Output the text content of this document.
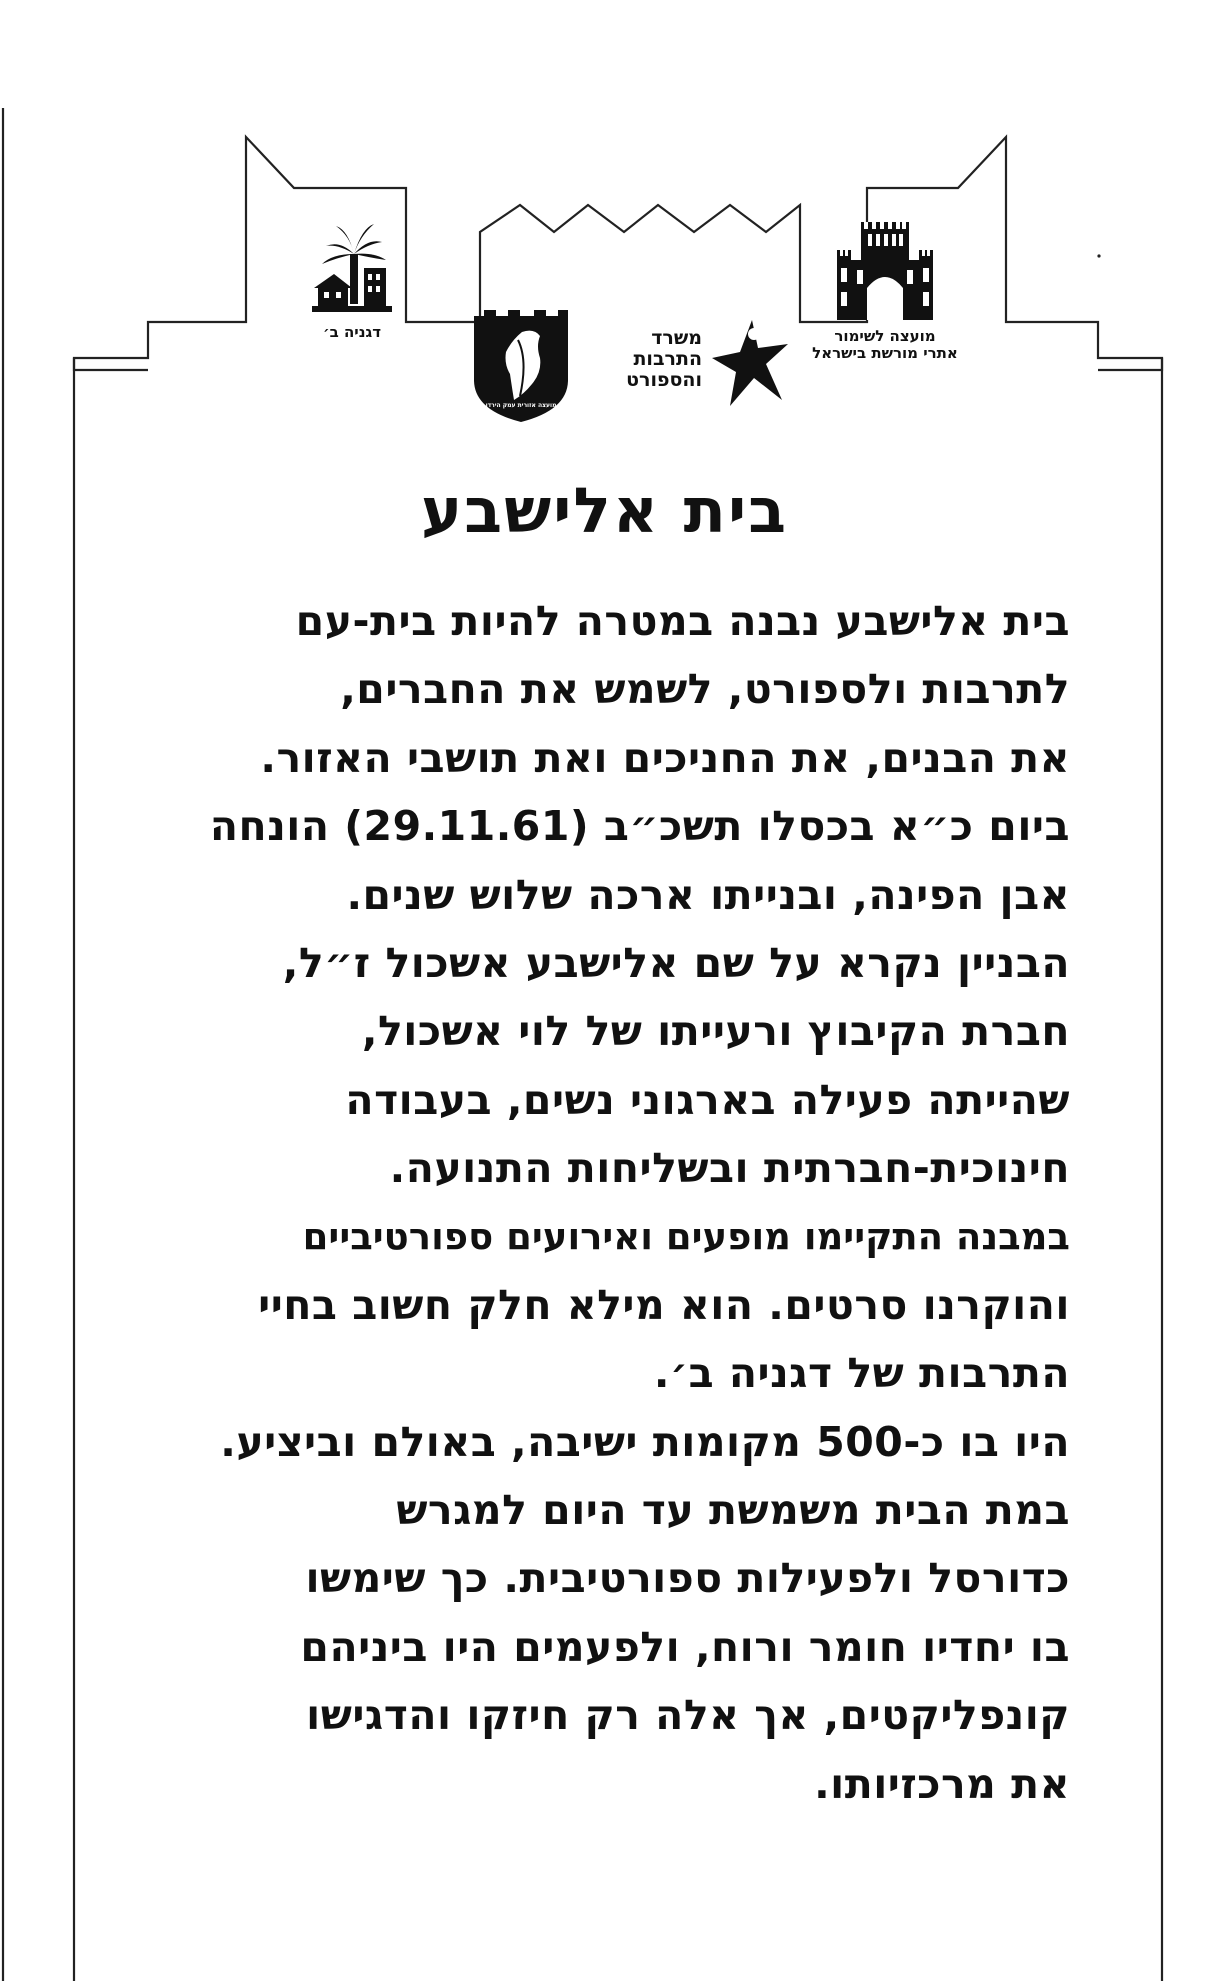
מועצה לשימור
אתרי מורשת בישראל
משרד
התרבות
והספורט
מועצה אזורית עמק הירדן
דגניה ב׳
בית אלישבע
בית אלישבע נבנה במטרה להיות בית-עם
לתרבות ולספורט, לשמש את החברים,
את הבנים, את החניכים ואת תושבי האזור.
ביום כ״א בכסלו תשכ״ב (29.11.61) הונחה
אבן הפינה, ובנייתו ארכה שלוש שנים.
הבניין נקרא על שם אלישבע אשכול ז״ל,
חברת הקיבוץ ורעייתו של לוי אשכול,
שהייתה פעילה בארגוני נשים, בעבודה
חינוכית-חברתית ובשליחות התנועה.
במבנה התקיימו מופעים ואירועים ספורטיביים
והוקרנו סרטים. הוא מילא חלק חשוב בחיי
התרבות של דגניה ב׳.
היו בו כ-500 מקומות ישיבה, באולם וביציע.
במת הבית משמשת עד היום למגרש
כדורסל ולפעילות ספורטיבית. כך שימשו
בו יחדיו חומר ורוח, ולפעמים היו ביניהם
קונפליקטים, אך אלה רק חיזקו והדגישו
את מרכזיותו.
